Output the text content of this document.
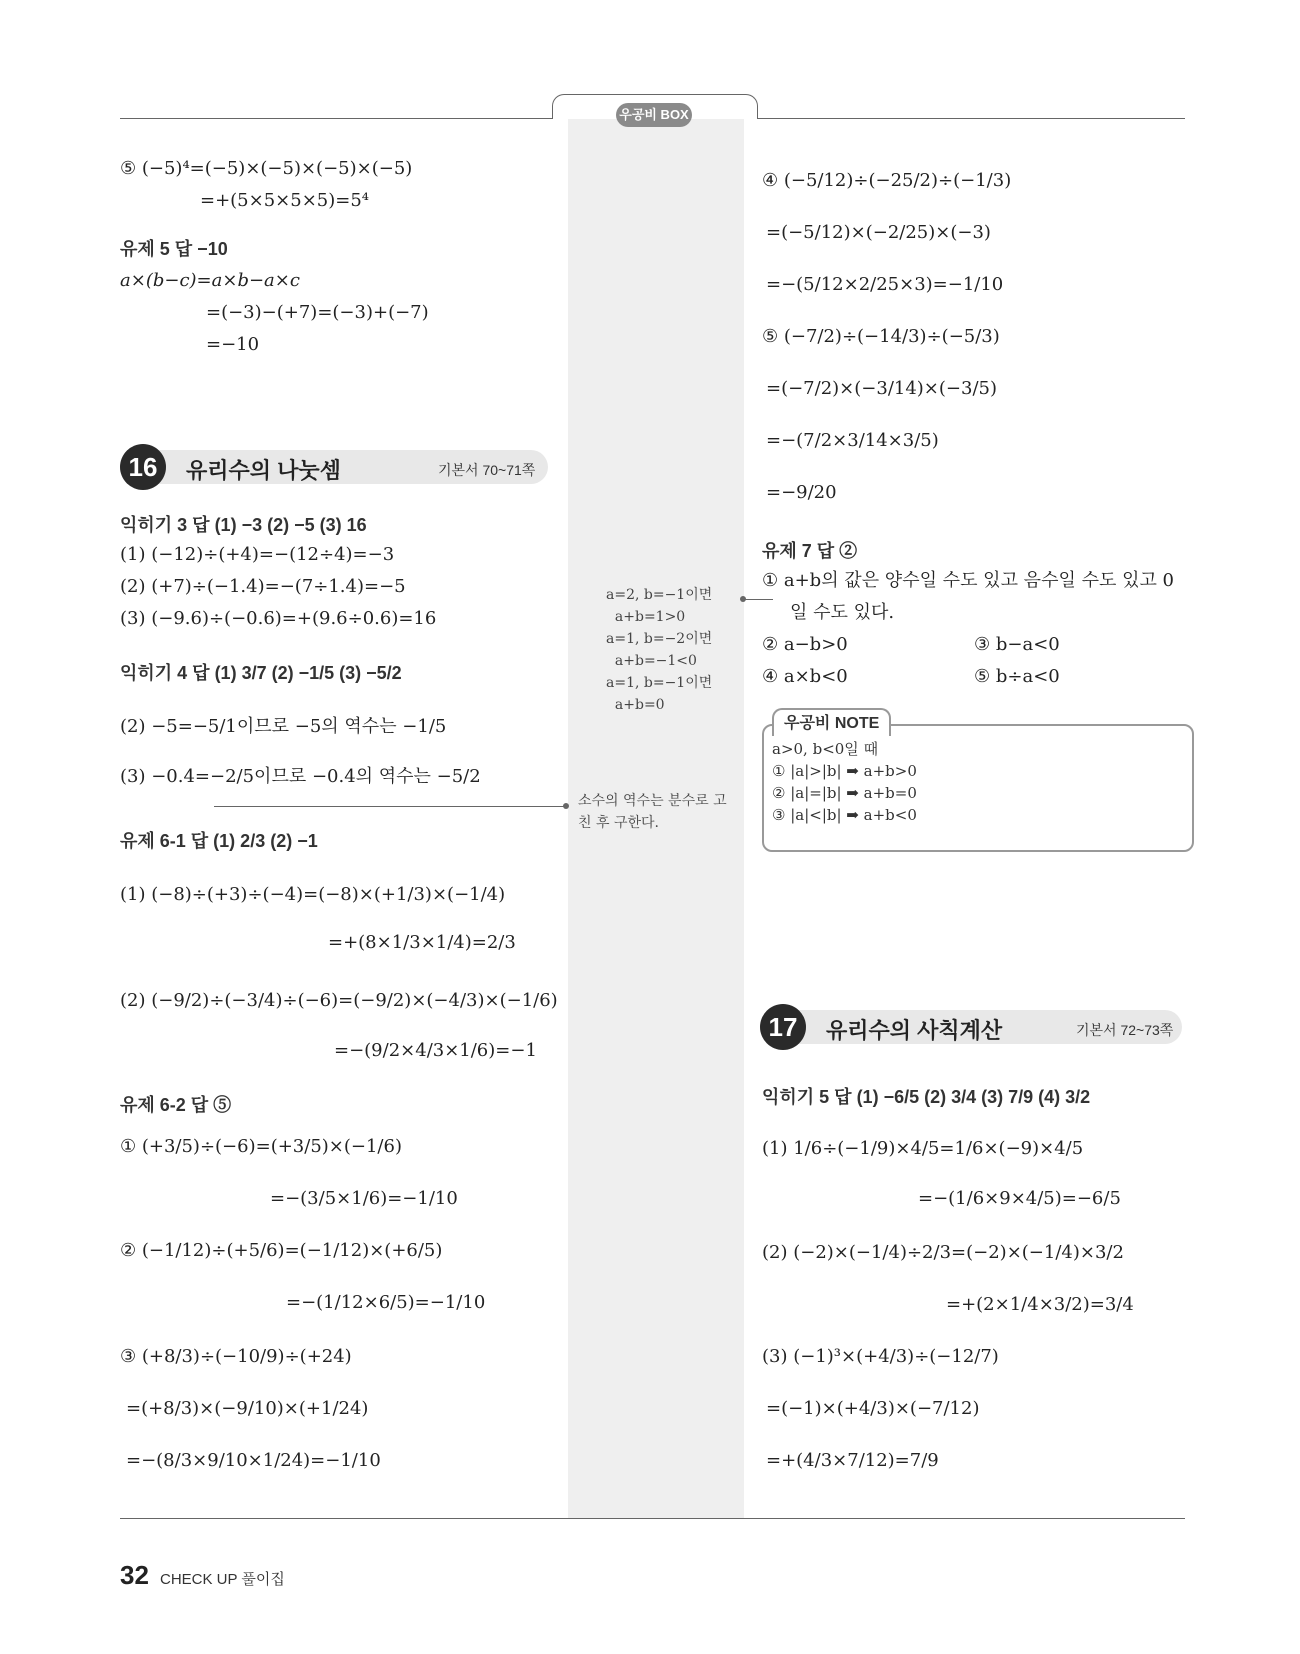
우공비 BOX
⑤ (−5)⁴=(−5)×(−5)×(−5)×(−5)
=+(5×5×5×5)=5⁴
유제 5 답 −10
a×(b−c)=a×b−a×c
=(−3)−(+7)=(−3)+(−7)
=−10
16	유리수의 나눗셈	기본서 70~71쪽
익히기 3 답 (1) −3 (2) −5 (3) 16
(1) (−12)÷(+4)=−(12÷4)=−3
(2) (+7)÷(−1.4)=−(7÷1.4)=−5
(3) (−9.6)÷(−0.6)=+(9.6÷0.6)=16
익히기 4 답 (1) 3/7 (2) −1/5 (3) −5/2
(2) −5=−5/1이므로 −5의 역수는 −1/5
(3) −0.4=−2/5이므로 −0.4의 역수는 −5/2
유제 6-1 답 (1) 2/3 (2) −1
(1) (−8)÷(+3)÷(−4)=(−8)×(+1/3)×(−1/4)
=+(8×1/3×1/4)=2/3
(2) (−9/2)÷(−3/4)÷(−6)=(−9/2)×(−4/3)×(−1/6)
=−(9/2×4/3×1/6)=−1
유제 6-2 답 ⑤
① (+3/5)÷(−6)=(+3/5)×(−1/6)
=−(3/5×1/6)=−1/10
② (−1/12)÷(+5/6)=(−1/12)×(+6/5)
=−(1/12×6/5)=−1/10
③ (+8/3)÷(−10/9)÷(+24)
=(+8/3)×(−9/10)×(+1/24)
=−(8/3×9/10×1/24)=−1/10
a=2, b=−1이면
a+b=1>0
a=1, b=−2이면
a+b=−1<0
a=1, b=−1이면
a+b=0
소수의 역수는 분수로 고
친 후 구한다.
④ (−5/12)÷(−25/2)÷(−1/3)
=(−5/12)×(−2/25)×(−3)
=−(5/12×2/25×3)=−1/10
⑤ (−7/2)÷(−14/3)÷(−5/3)
=(−7/2)×(−3/14)×(−3/5)
=−(7/2×3/14×3/5)
=−9/20
유제 7 답 ②
① a+b의 값은 양수일 수도 있고 음수일 수도 있고 0
일 수도 있다.
② a−b>0	③ b−a<0
④ a×b<0	⑤ b÷a<0
우공비 NOTE
a>0, b<0일 때
① |a|>|b| ➡ a+b>0
② |a|=|b| ➡ a+b=0
③ |a|<|b| ➡ a+b<0
17	유리수의 사칙계산	기본서 72~73쪽
익히기 5 답 (1) −6/5 (2) 3/4 (3) 7/9 (4) 3/2
(1) 1/6÷(−1/9)×4/5=1/6×(−9)×4/5
=−(1/6×9×4/5)=−6/5
(2) (−2)×(−1/4)÷2/3=(−2)×(−1/4)×3/2
=+(2×1/4×3/2)=3/4
(3) (−1)³×(+4/3)÷(−12/7)
=(−1)×(+4/3)×(−7/12)
=+(4/3×7/12)=7/9
32 CHECK UP 풀이집
